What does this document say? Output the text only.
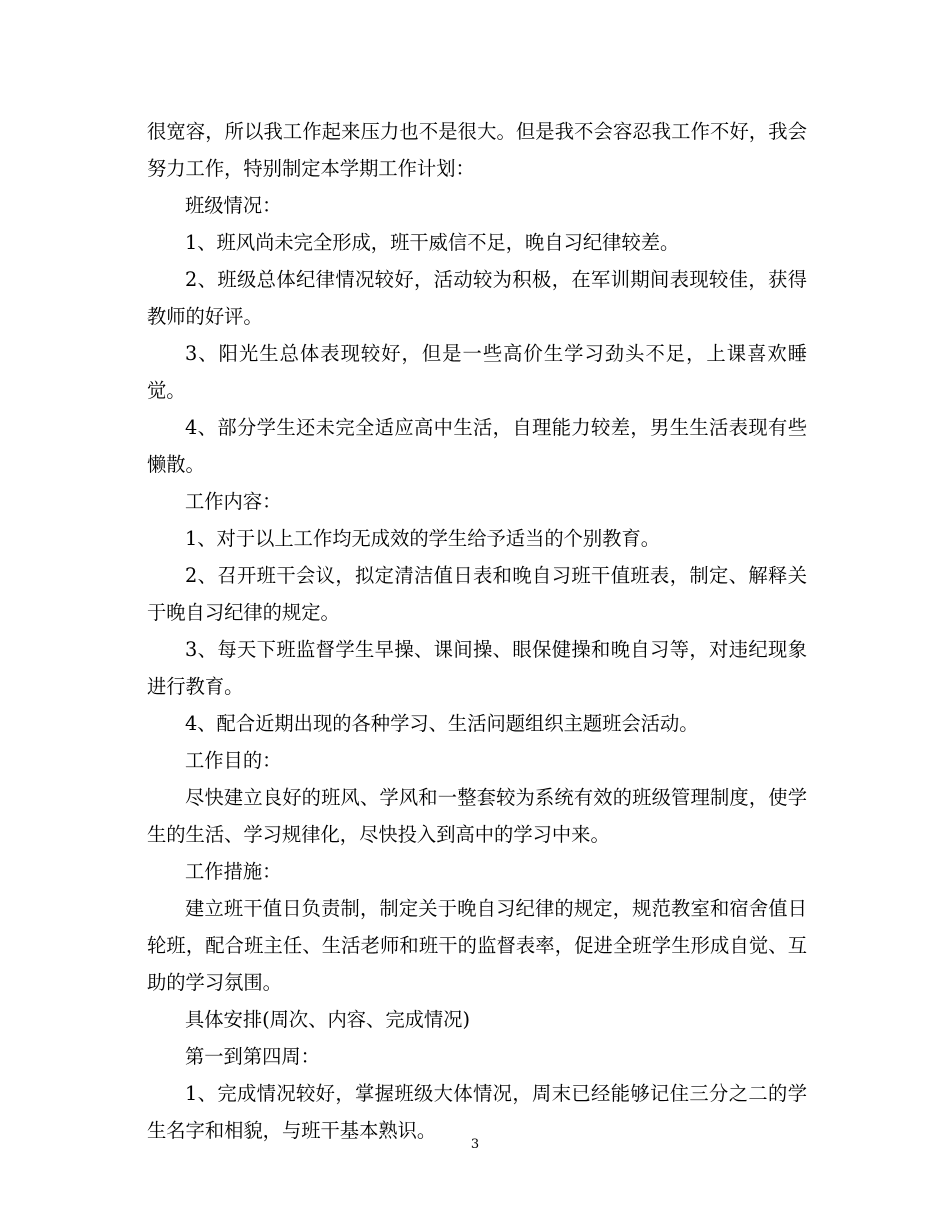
很宽容，所以我工作起来压力也不是很大。但是我不会容忍我工作不好，我会努力工作，特别制定本学期工作计划：

班级情况：

1、班风尚未完全形成，班干威信不足，晚自习纪律较差。

2、班级总体纪律情况较好，活动较为积极，在军训期间表现较佳，获得教师的好评。

3、阳光生总体表现较好，但是一些高价生学习劲头不足，上课喜欢睡觉。

4、部分学生还未完全适应高中生活，自理能力较差，男生生活表现有些懒散。

工作内容：

1、对于以上工作均无成效的学生给予适当的个别教育。

2、召开班干会议，拟定清洁值日表和晚自习班干值班表，制定、解释关于晚自习纪律的规定。

3、每天下班监督学生早操、课间操、眼保健操和晚自习等，对违纪现象进行教育。

4、配合近期出现的各种学习、生活问题组织主题班会活动。

工作目的：

尽快建立良好的班风、学风和一整套较为系统有效的班级管理制度，使学生的生活、学习规律化，尽快投入到高中的学习中来。

工作措施：

建立班干值日负责制，制定关于晚自习纪律的规定，规范教室和宿舍值日轮班，配合班主任、生活老师和班干的监督表率，促进全班学生形成自觉、互助的学习氛围。

具体安排(周次、内容、完成情况)

第一到第四周：

1、完成情况较好，掌握班级大体情况，周末已经能够记住三分之二的学生名字和相貌，与班干基本熟识。

3
